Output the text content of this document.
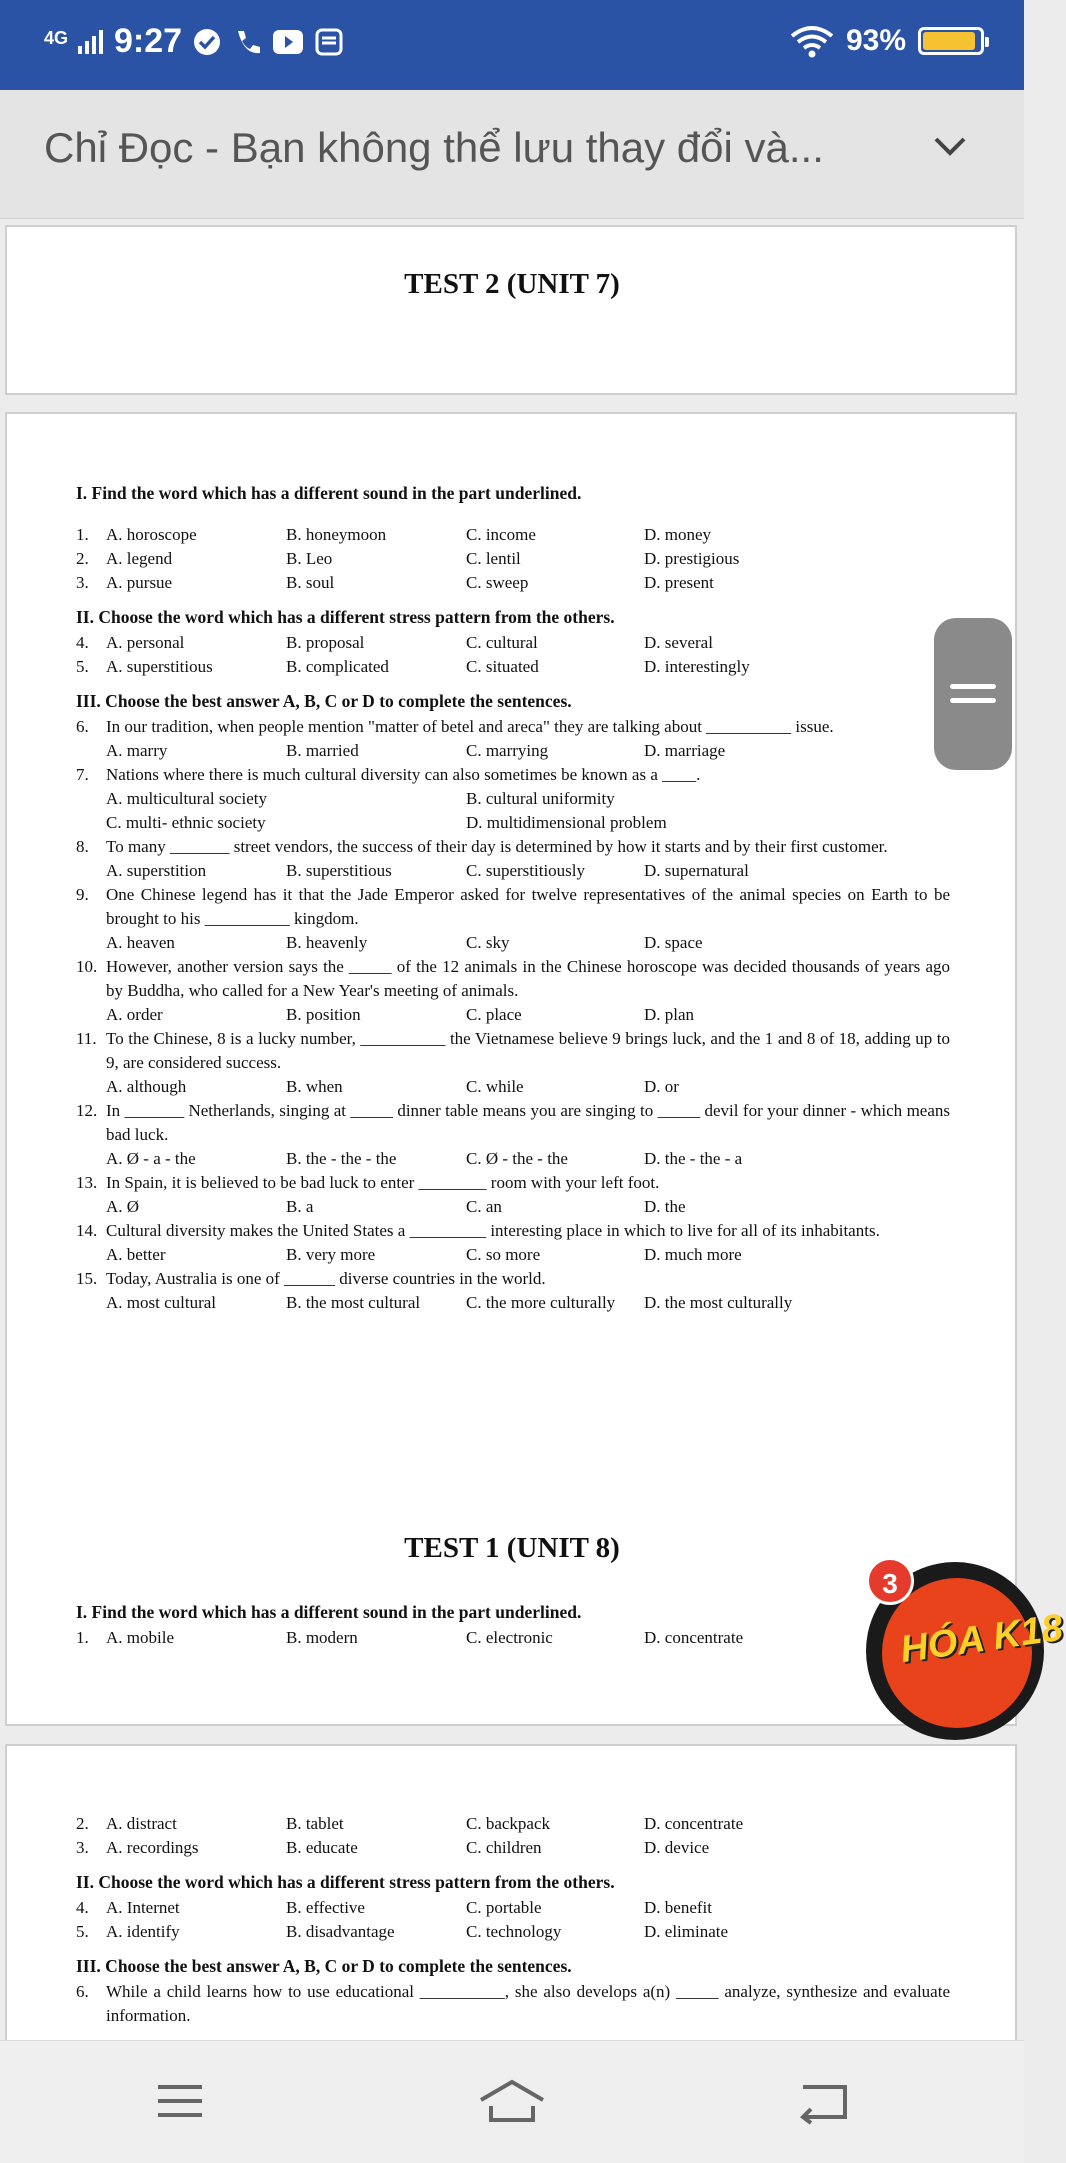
4G 9:27	93%
Chỉ Đọc - Bạn không thể lưu thay đổi và...
TEST 2 (UNIT 7)
I. Find the word which has a different sound in the part underlined.
1.	A. horoscope	B. honeymoon	C. income	D. money
2.	A. legend	B. Leo	C. lentil	D. prestigious
3.	A. pursue	B. soul	C. sweep	D. present
II. Choose the word which has a different stress pattern from the others.
4.	A. personal	B. proposal	C. cultural	D. several
5.	A. superstitious	B. complicated	C. situated	D. interestingly
III. Choose the best answer A, B, C or D to complete the sentences.
6.	In our tradition, when people mention "matter of betel and areca" they are talking about __________ issue.
A. marry	B. married	C. marrying	D. marriage
7.	Nations where there is much cultural diversity can also sometimes be known as a ____.
A. multicultural society	B. cultural uniformity
C. multi- ethnic society	D. multidimensional problem
8.	To many _______ street vendors, the success of their day is determined by how it starts and by their first customer.
A. superstition	B. superstitious	C. superstitiously	D. supernatural
9.	One Chinese legend has it that the Jade Emperor asked for twelve representatives of the animal species on Earth to be brought to his __________ kingdom.
A. heaven	B. heavenly	C. sky	D. space
10. However, another version says the _____ of the 12 animals in the Chinese horoscope was decided thousands of years ago by Buddha, who called for a New Year's meeting of animals.
A. order	B. position	C. place	D. plan
11. To the Chinese, 8 is a lucky number, __________ the Vietnamese believe 9 brings luck, and the 1 and 8 of 18, adding up to 9, are considered success.
A. although	B. when	C. while	D. or
12. In _______ Netherlands, singing at _____ dinner table means you are singing to _____ devil for your dinner - which means bad luck.
A. Ø - a - the	B. the - the - the	C. Ø - the - the	D. the - the - a
13. In Spain, it is believed to be bad luck to enter ________ room with your left foot.
A. Ø	B. a	C. an	D. the
14. Cultural diversity makes the United States a _________ interesting place in which to live for all of its inhabitants.
A. better	B. very more	C. so more	D. much more
15. Today, Australia is one of ______ diverse countries in the world.
A. most cultural	B. the most cultural	C. the more culturally	D. the most culturally
TEST 1 (UNIT 8)
I. Find the word which has a different sound in the part underlined.
1.	A. mobile	B. modern	C. electronic	D. concentrate
2.	A. distract	B. tablet	C. backpack	D. concentrate
3.	A. recordings	B. educate	C. children	D. device
II. Choose the word which has a different stress pattern from the others.
4.	A. Internet	B. effective	C. portable	D. benefit
5.	A. identify	B. disadvantage	C. technology	D. eliminate
III. Choose the best answer A, B, C or D to complete the sentences.
6.	While a child learns how to use educational __________, she also develops a(n) _____ analyze, synthesize and evaluate information.
HÓA K18
3
